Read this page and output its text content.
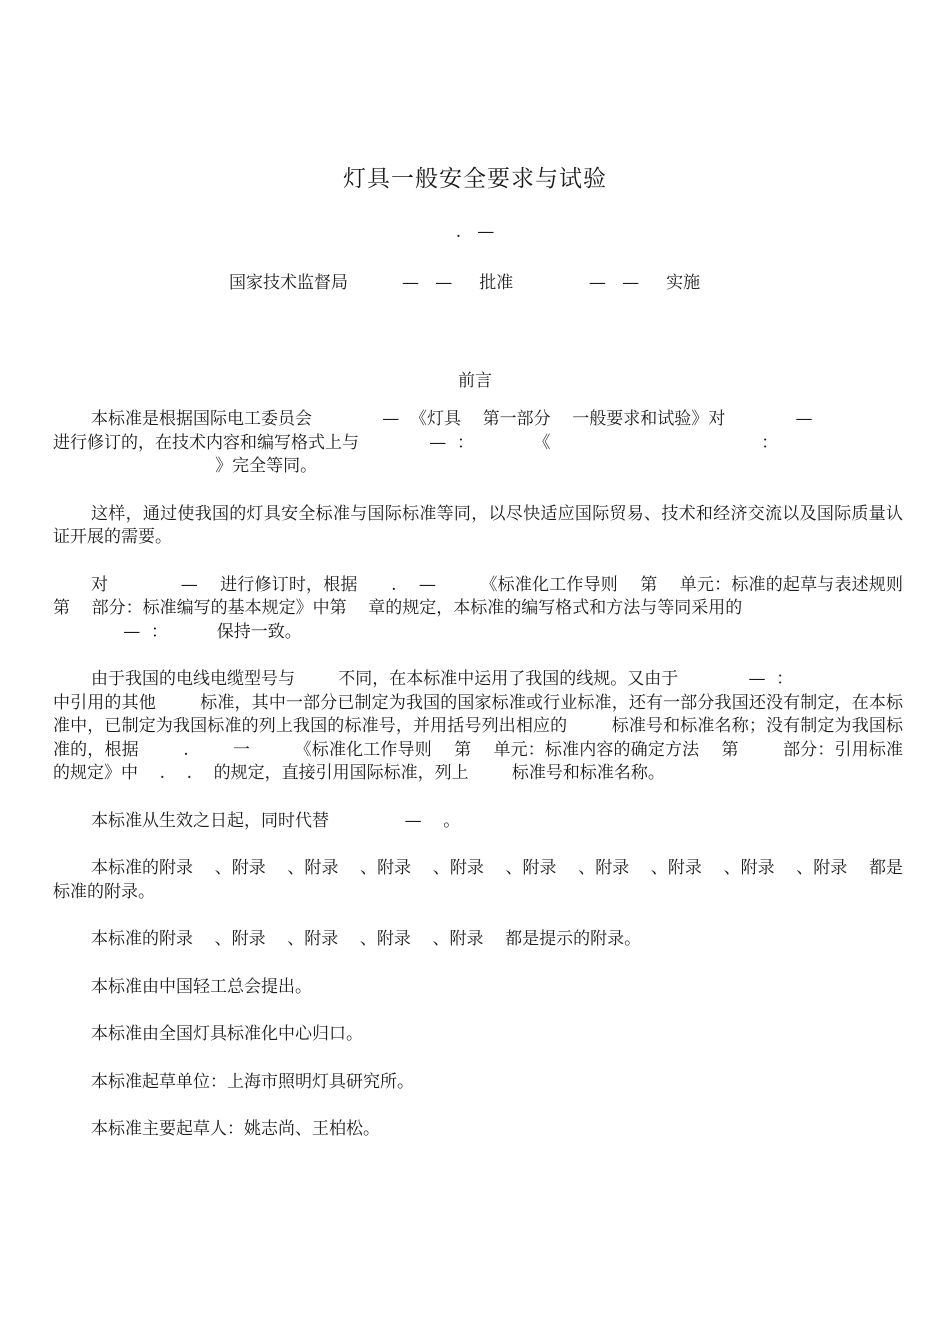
灯具一般安全要求与试验
.   —
国家技术监督局          —   —     批准              —   —     实施
前言

本标准是根据国际电工委员会             —  《灯具    第一部分    一般要求和试验》对             —
进行修订的，在技术内容和编写格式上与             —  ：           《                                       ：
》完全等同。

这样，通过使我国的灯具安全标准与国际标准等同，以尽快适应国际贸易、技术和经济交流以及国际质量认证开展的需要。

对             —    进行修订时，根据      .    —        《标准化工作导则    第    单元：标准的起草与表述规则    第    部分：标准编写的基本规定》中第    章的规定，本标准的编写格式和方法与等同采用的
—  ：         保持一致。

由于我国的电线电缆型号与        不同，在本标准中运用了我国的线规。又由于             —  ：
中引用的其他        标准，其中一部分已制定为我国的国家标准或行业标准，还有一部分我国还没有制定，在本标准中，已制定为我国标准的列上我国的标准号，并用括号列出相应的        标准号和标准名称；没有制定为我国标准的，根据        .        一        《标准化工作导则    第    单元：标准内容的确定方法    第        部分：引用标准的规定》中    .    .    的规定，直接引用国际标准，列上        标准号和标准名称。

本标准从生效之日起，同时代替              —    。

本标准的附录    、附录    、附录    、附录    、附录    、附录    、附录    、附录    、附录    、附录    都是标准的附录。

本标准的附录    、附录    、附录    、附录    、附录    都是提示的附录。

本标准由中国轻工总会提出。

本标准由全国灯具标准化中心归口。

本标准起草单位：上海市照明灯具研究所。

本标准主要起草人：姚志尚、王柏松。
